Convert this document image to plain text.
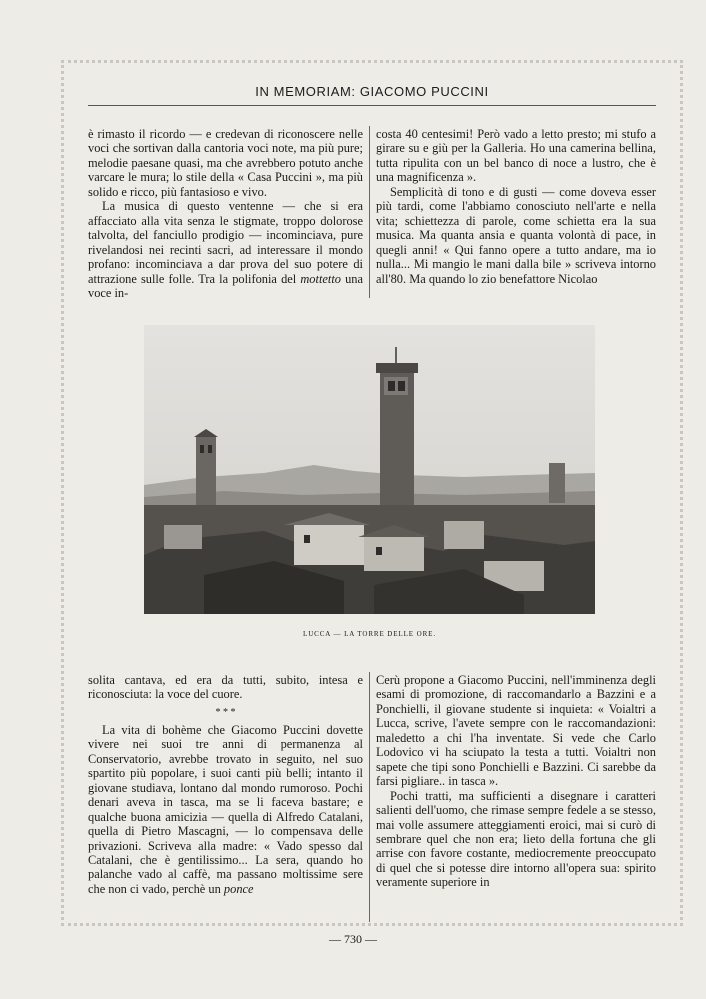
IN MEMORIAM: GIACOMO PUCCINI

è rimasto il ricordo — e credevan di riconoscere nelle voci che sortivan dalla cantoria voci note, ma più pure; melodie paesane quasi, ma che avrebbero potuto anche varcare le mura; lo stile della « Casa Puccini », ma più solido e ricco, più fantasioso e vivo.

La musica di questo ventenne — che si era affacciato alla vita senza le stigmate, troppo dolorose talvolta, del fanciullo prodigio — incominciava, pure rivelandosi nei recinti sacri, ad interessare il mondo profano: incominciava a dar prova del suo potere di attrazione sulle folle. Tra la polifonia del mottetto una voce in-

costa 40 centesimi! Però vado a letto presto; mi stufo a girare su e giù per la Galleria. Ho una camerina bellina, tutta ripulita con un bel banco di noce a lustro, che è una magnificenza ».

Semplicità di tono e di gusti — come doveva esser più tardi, come l'abbiamo conosciuto nell'arte e nella vita; schiettezza di parole, come schietta era la sua musica. Ma quanta ansia e quanta volontà di pace, in quegli anni! « Qui fanno opere a tutto andare, ma io nulla... Mi mangio le mani dalla bile » scriveva intorno all'80. Ma quando lo zio benefattore Nicolao

LUCCA — LA TORRE DELLE ORE.

solita cantava, ed era da tutti, subito, intesa e riconosciuta: la voce del cuore.

* * *

La vita di bohème che Giacomo Puccini dovette vivere nei suoi tre anni di permanenza al Conservatorio, avrebbe trovato in seguito, nel suo spartito più popolare, i suoi canti più belli; intanto il giovane studiava, lontano dal mondo rumoroso. Pochi denari aveva in tasca, ma se li faceva bastare; e qualche buona amicizia — quella di Alfredo Catalani, quella di Pietro Mascagni, — lo compensava delle privazioni. Scriveva alla madre: « Vado spesso dal Catalani, che è gentilissimo... La sera, quando ho palanche vado al caffè, ma passano moltissime sere che non ci vado, perchè un ponce

Cerù propone a Giacomo Puccini, nell'imminenza degli esami di promozione, di raccomandarlo a Bazzini e a Ponchielli, il giovane studente si inquieta: « Voialtri a Lucca, scrive, l'avete sempre con le raccomandazioni: maledetto a chi l'ha inventate. Si vede che Carlo Lodovico vi ha sciupato la testa a tutti. Voialtri non sapete che tipi sono Ponchielli e Bazzini. Ci sarebbe da farsi pigliare.. in tasca ».

Pochi tratti, ma sufficienti a disegnare i caratteri salienti dell'uomo, che rimase sempre fedele a se stesso, mai volle assumere atteggiamenti eroici, mai si curò di sembrare quel che non era; lieto della fortuna che gli arrise con favore costante, mediocremente preoccupato di quel che si potesse dire intorno all'opera sua: spirito veramente superiore in

— 730 —
